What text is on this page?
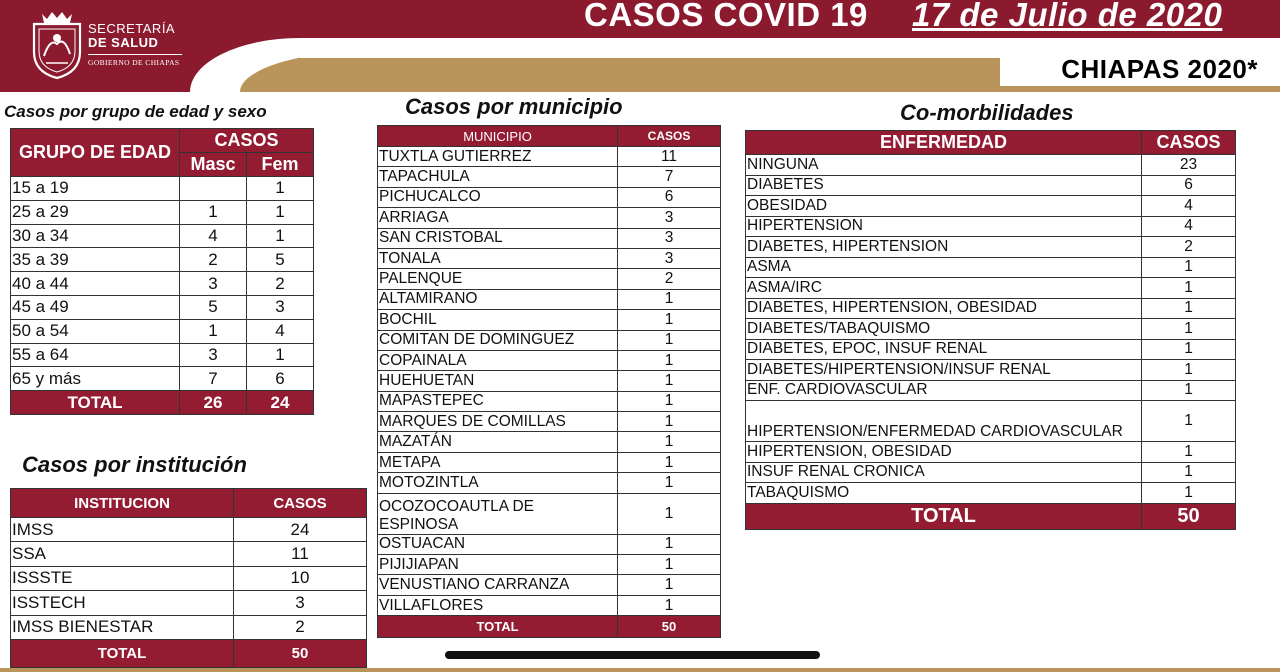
CHIAPAS 2020*
CASOS COVID 19 17 de Julio de 2020
SECRETARÍA
DE SALUD
GOBIERNO DE CHIAPAS
Casos por grupo de edad y sexo
Casos por institución
Casos por municipio	Co-morbilidades
GRUPO DE EDAD	CASOS	
	Masc	Fem
15 a 19		1
25 a 29	1	1
30 a 34	4	1
35 a 39	2	5
40 a 44	3	2
45 a 49	5	3
50 a 54	1	4
55 a 64	3	1
65 y más	7	6
TOTAL	26	24
INSTITUCION	CASOS
IMSS	24
SSA	11
ISSSTE	10
ISSTECH	3
IMSS BIENESTAR	2
TOTAL	50
MUNICIPIO	CASOS
TUXTLA GUTIERREZ	11
TAPACHULA	7
PICHUCALCO	6
ARRIAGA	3
SAN CRISTOBAL	3
TONALA	3
PALENQUE	2
ALTAMIRANO	1
BOCHIL	1
COMITAN DE DOMINGUEZ	1
COPAINALA	1
HUEHUETAN	1
MAPASTEPEC	1
MARQUES DE COMILLAS	1
MAZATÁN	1
METAPA	1
MOTOZINTLA	1
OCOZOCOAUTLA DE ESPINOSA	1
OSTUACAN	1
PIJIJIAPAN	1
VENUSTIANO CARRANZA	1
VILLAFLORES	1
TOTAL	50
ENFERMEDAD	CASOS
NINGUNA	23
DIABETES	6
OBESIDAD	4
HIPERTENSION	4
DIABETES, HIPERTENSION	2
ASMA	1
ASMA/IRC	1
DIABETES, HIPERTENSION, OBESIDAD	1
DIABETES/TABAQUISMO	1
DIABETES, EPOC, INSUF RENAL	1
DIABETES/HIPERTENSION/INSUF RENAL	1
ENF. CARDIOVASCULAR	1
HIPERTENSION/ENFERMEDAD CARDIOVASCULAR	1
HIPERTENSION, OBESIDAD	1
INSUF RENAL CRONICA	1
TABAQUISMO	1
TOTAL	50
